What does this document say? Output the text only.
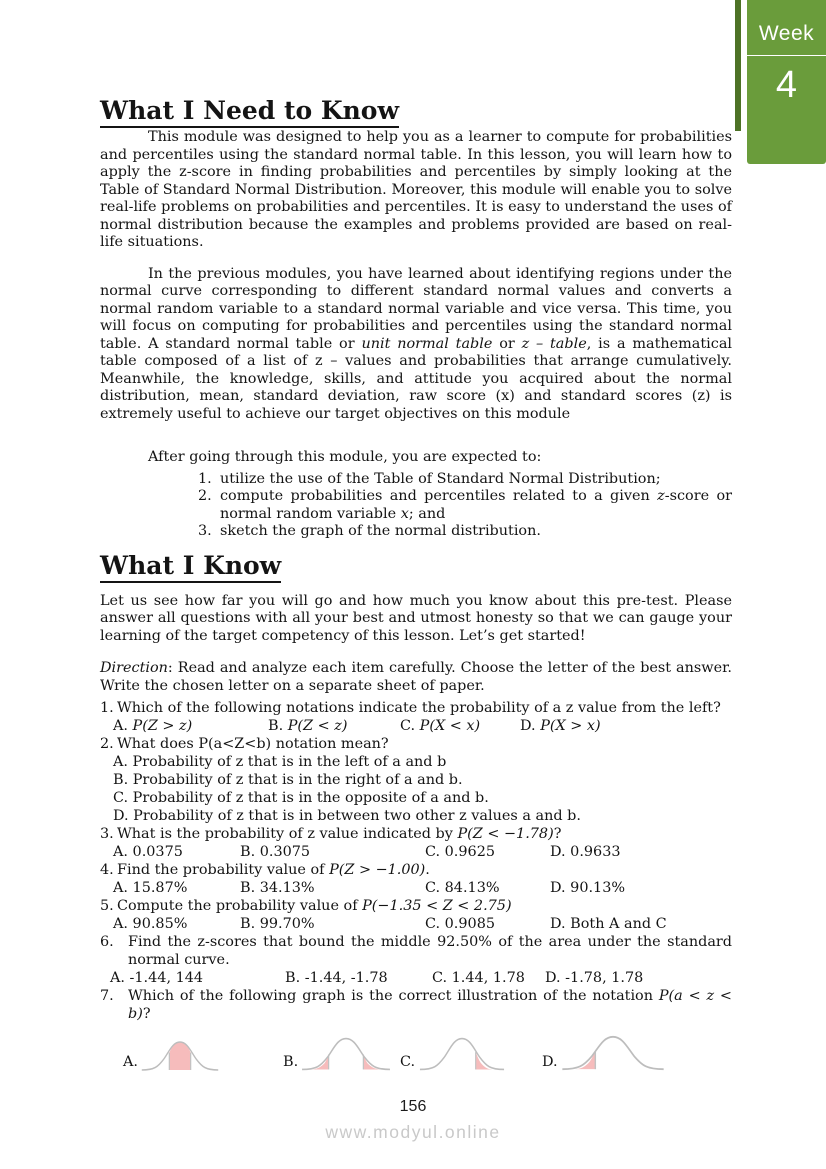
Week
4
What I Need to Know

This module was designed to help you as a learner to compute for probabilities and percentiles using the standard normal table. In this lesson, you will learn how to apply the z-score in finding probabilities and percentiles by simply looking at the Table of Standard Normal Distribution. Moreover, this module will enable you to solve real-life problems on probabilities and percentiles. It is easy to understand the uses of normal distribution because the examples and problems provided are based on real-life situations.

In the previous modules, you have learned about identifying regions under the normal curve corresponding to different standard normal values and converts a normal random variable to a standard normal variable and vice versa. This time, you will focus on computing for probabilities and percentiles using the standard normal table. A standard normal table or unit normal table or z – table, is a mathematical table composed of a list of z – values and probabilities that arrange cumulatively. Meanwhile, the knowledge, skills, and attitude you acquired about the normal distribution, mean, standard deviation, raw score (x) and standard scores (z) is extremely useful to achieve our target objectives on this module

After going through this module, you are expected to:

1. utilize the use of the Table of Standard Normal Distribution;
2. compute probabilities and percentiles related to a given z-score or normal random variable x; and
3. sketch the graph of the normal distribution.
What I Know

Let us see how far you will go and how much you know about this pre-test. Please answer all questions with all your best and utmost honesty so that we can gauge your learning of the target competency of this lesson. Let’s get started!

Direction: Read and analyze each item carefully. Choose the letter of the best answer. Write the chosen letter on a separate sheet of paper.

1. Which of the following notations indicate the probability of a z value from the left?
A. P(Z > z)	B. P(Z < z)	C. P(X < x)	D. P(X > x)
2. What does P(a<Z<b) notation mean?
A. Probability of z that is in the left of a and b
B. Probability of z that is in the right of a and b.
C. Probability of z that is in the opposite of a and b.
D. Probability of z that is in between two other z values a and b.
3. What is the probability of z value indicated by P(Z < −1.78)?
A. 0.0375	B. 0.3075	C. 0.9625	D. 0.9633
4. Find the probability value of P(Z > −1.00).
A. 15.87%	B. 34.13%	C. 84.13%	D. 90.13%
5. Compute the probability value of P(−1.35 < Z < 2.75)
A. 90.85%	B. 99.70%	C. 0.9085	D. Both A and C
6. Find the z-scores that bound the middle 92.50% of the area under the standard normal curve.
A. -1.44, 144	B. -1.44, -1.78	C. 1.44, 1.78	D. -1.78, 1.78
7. Which of the following graph is the correct illustration of the notation P(a < z < b)?
A.	B.	C.	D.
156
www.modyul.online
